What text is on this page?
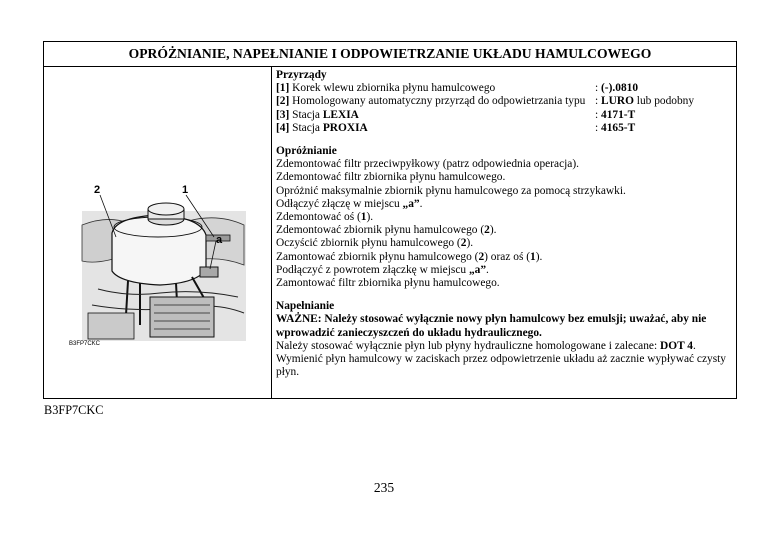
OPRÓŻNIANIE, NAPEŁNIANIE I ODPOWIETRZANIE UKŁADU HAMULCOWEGO
2	1
a
B3FP7CKC
Przyrządy
[1] Korek wlewu zbiornika płynu hamulcowego	: (-).0810
[2] Homologowany automatyczny przyrząd do odpowietrzania typu : LURO lub podobny
[3] Stacja LEXIA	: 4171-T
[4] Stacja PROXIA	: 4165-T
Opróżnianie
Zdemontować filtr przeciwpyłkowy (patrz odpowiednia operacja).
Zdemontować filtr zbiornika płynu hamulcowego.
Opróżnić maksymalnie zbiornik płynu hamulcowego za pomocą strzykawki.
Odłączyć złączę w miejscu „a”.
Zdemontować oś (1).
Zdemontować zbiornik płynu hamulcowego (2).
Oczyścić zbiornik płynu hamulcowego (2).
Zamontować zbiornik płynu hamulcowego (2) oraz oś (1).
Podłączyć z powrotem złączkę w miejscu „a”.
Zamontować filtr zbiornika płynu hamulcowego.
Napełnianie
WAŻNE: Należy stosować wyłącznie nowy płyn hamulcowy bez emulsji; uważać, aby nie wprowadzić zanieczyszczeń do układu hydraulicznego.
Należy stosować wyłącznie płyn lub płyny hydrauliczne homologowane i zalecane: DOT 4.
Wymienić płyn hamulcowy w zaciskach przez odpowietrzenie układu aż zacznie wypływać czysty płyn.
B3FP7CKC
235
